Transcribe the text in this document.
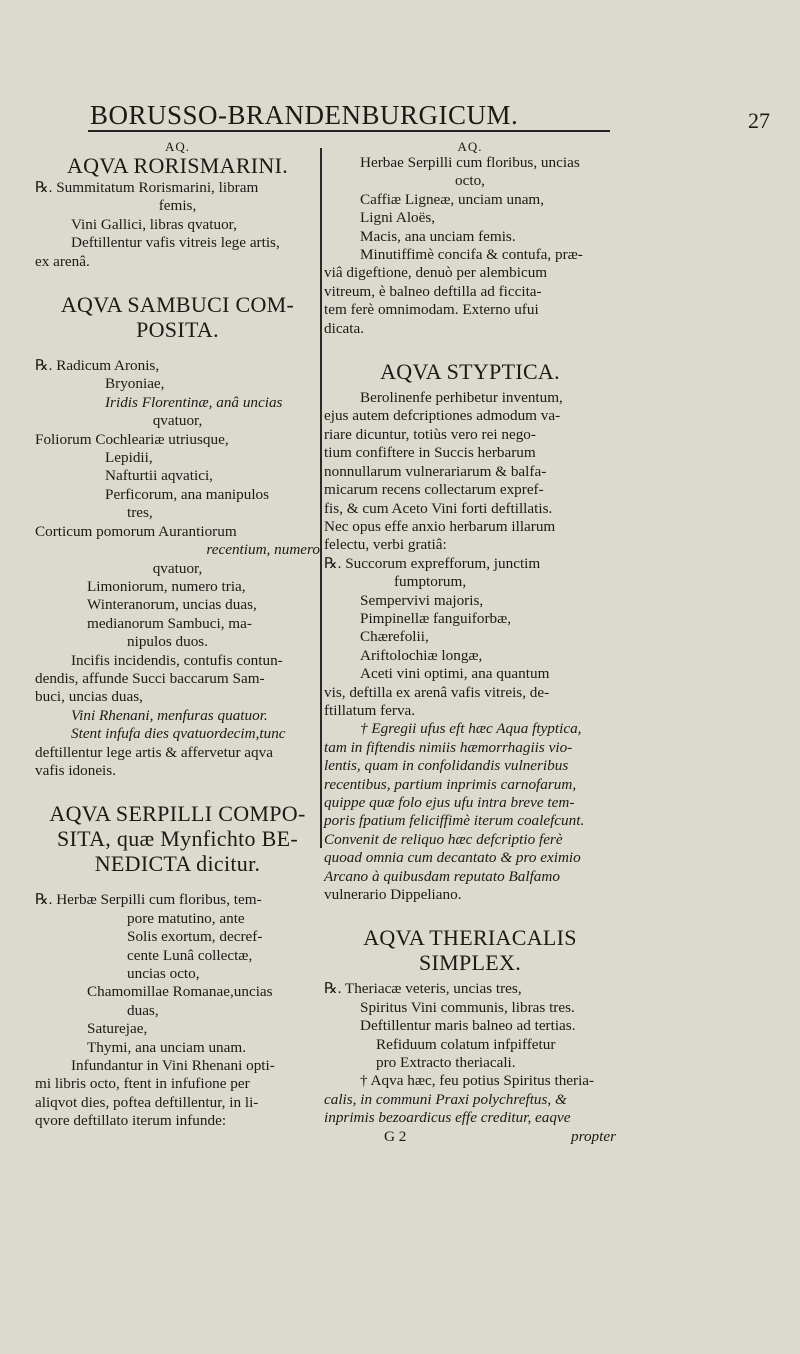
BORUSSO-BRANDENBURGICUM.	27
AQ.
AQVA RORISMARINI.
℞. Summitatum Rorismarini, libram
femis,
Vini Gallici, libras qvatuor,
Deftillentur vafis vitreis lege artis,
ex arenâ.
AQVA SAMBUCI COM-
POSITA.
℞. Radicum Aronis,
Bryoniae,
Iridis Florentinæ, anâ uncias
qvatuor,
Foliorum Cochleariæ utriusque,
Lepidii,
Nafturtii aqvatici,
Perficorum, ana manipulos
tres,
Corticum pomorum Aurantiorum
recentium, numero
qvatuor,
Limoniorum, numero tria,
Winteranorum, uncias duas,
medianorum Sambuci, ma-
nipulos duos.
Incifis incidendis, contufis contun-
dendis, affunde Succi baccarum Sam-
buci, uncias duas,
Vini Rhenani, menfuras quatuor.
Stent infufa dies qvatuordecim,tunc
deftillentur lege artis & affervetur aqva
vafis idoneis.
AQVA SERPILLI COMPO-
SITA, quæ Mynfichto BE-
NEDICTA dicitur.
℞. Herbæ Serpilli cum floribus, tem-
pore matutino, ante
Solis exortum, decref-
cente Lunâ collectæ,
uncias octo,
Chamomillae Romanae,uncias
duas,
Saturejae,
Thymi, ana unciam unam.
Infundantur in Vini Rhenani opti-
mi libris octo, ftent in infufione per
aliqvot dies, poftea deftillentur, in li-
qvore deftillato iterum infunde:
AQ.
Herbae Serpilli cum floribus, uncias
octo,
Caffiæ Ligneæ, unciam unam,
Ligni Aloës,
Macis, ana unciam femis.
Minutiffimè concifa & contufa, præ-
viâ digeftione, denuò per alembicum
vitreum, è balneo deftilla ad ficcita-
tem ferè omnimodam. Externo ufui
dicata.
AQVA STYPTICA.
Berolinenfe perhibetur inventum,
ejus autem defcriptiones admodum va-
riare dicuntur, totiùs vero rei nego-
tium confiftere in Succis herbarum
nonnullarum vulnerariarum & balfa-
micarum recens collectarum expref-
fis, & cum Aceto Vini forti deftillatis.
Nec opus effe anxio herbarum illarum
felectu, verbi gratiâ:
℞. Succorum exprefforum, junctim
fumptorum,
Sempervivi majoris,
Pimpinellæ fanguiforbæ,
Chærefolii,
Ariftolochiæ longæ,
Aceti vini optimi, ana quantum
vis, deftilla ex arenâ vafis vitreis, de-
ftillatum ferva.
† Egregii ufus eft hæc Aqua ftyptica,
tam in fiftendis nimiis hæmorrhagiis vio-
lentis, quam in confolidandis vulneribus
recentibus, partium inprimis carnofarum,
quippe quæ folo ejus ufu intra breve tem-
poris fpatium feliciffimè iterum coalefcunt.
Convenit de reliquo hæc defcriptio ferè
quoad omnia cum decantato & pro eximio
Arcano à quibusdam reputato Balfamo
vulnerario Dippeliano.
AQVA THERIACALIS
SIMPLEX.
℞. Theriacæ veteris, uncias tres,
Spiritus Vini communis, libras tres.
Deftillentur maris balneo ad tertias.
Refiduum colatum infpiffetur
pro Extracto theriacali.
† Aqva hæc, feu potius Spiritus theria-
calis, in communi Praxi polychreftus, &
inprimis bezoardicus effe creditur, eaqve
G 2	propter
